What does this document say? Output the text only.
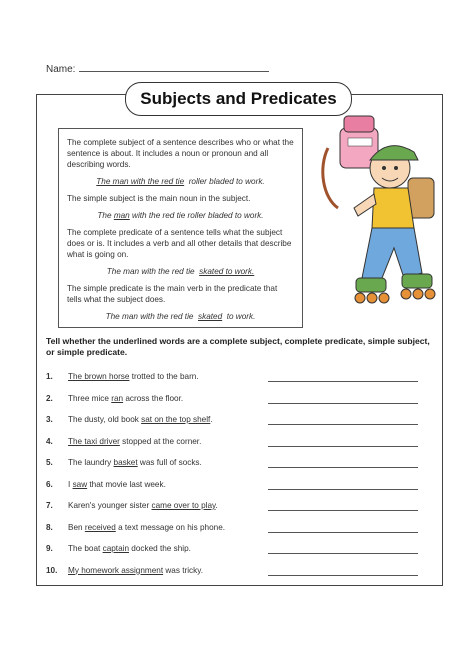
Name:
Subjects and Predicates

The complete subject of a sentence describes who or what the sentence is about. It includes a noun or pronoun and all describing words.

The man with the red tie roller bladed to work.

The simple subject is the main noun in the subject.

The man with the red tie roller bladed to work.

The complete predicate of a sentence tells what the subject does or is. It includes a verb and all other details that describe what is going on.

The man with the red tie skated to work.

The simple predicate is the main verb in the predicate that tells what the subject does.

The man with the red tie skated to work.

Tell whether the underlined words are a complete subject, complete predicate, simple subject, or simple predicate.
1. The brown horse trotted to the barn.
2. Three mice ran across the floor.
3. The dusty, old book sat on the top shelf.
4. The taxi driver stopped at the corner.
5. The laundry basket was full of socks.
6. I saw that movie last week.
7. Karen's younger sister came over to play.
8. Ben received a text message on his phone.
9. The boat captain docked the ship.
10. My homework assignment was tricky.
